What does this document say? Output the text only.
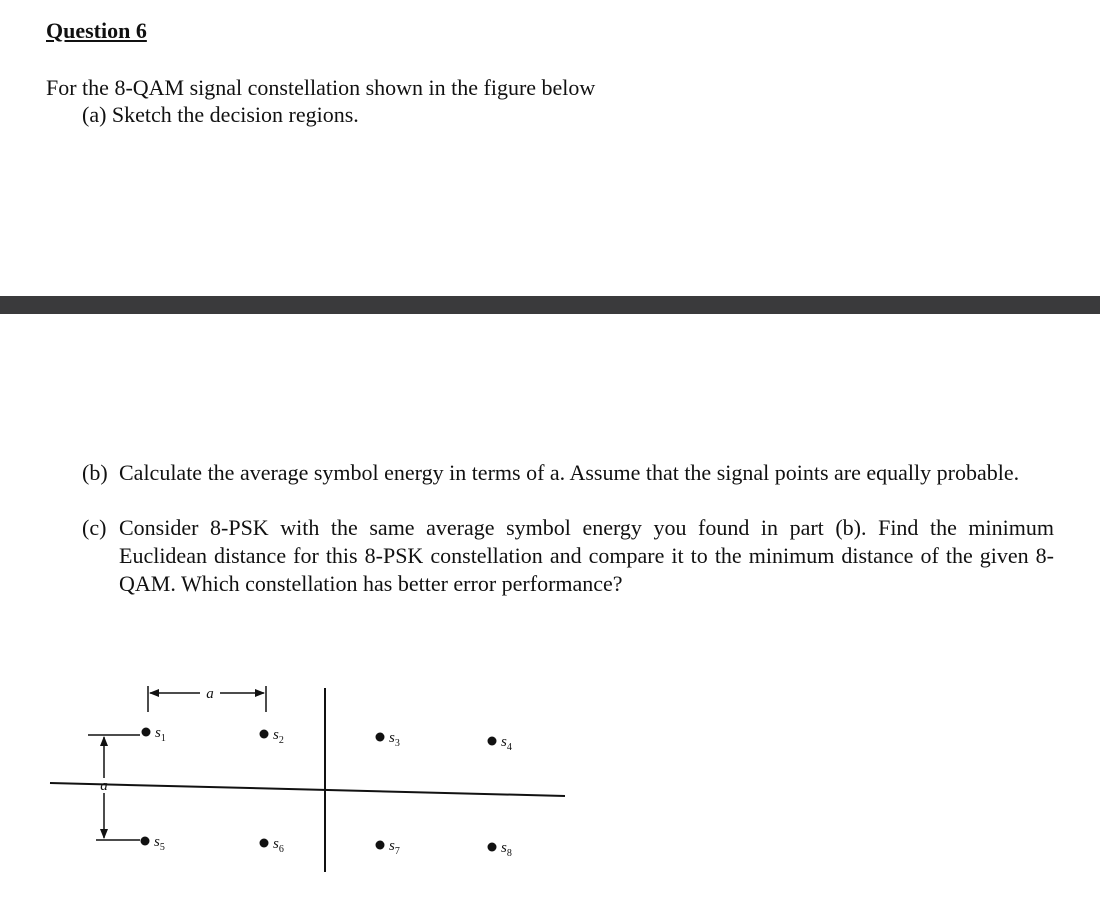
Question 6
For the 8-QAM signal constellation shown in the figure below
(a) Sketch the decision regions.
(b) Calculate the average symbol energy in terms of a. Assume that the signal points are equally probable.
(c) Consider 8-PSK with the same average symbol energy you found in part (b). Find the minimum Euclidean distance for this 8-PSK constellation and compare it to the minimum distance of the given 8-QAM. Which constellation has better error performance?
a
a
$s_1$	$s_2$	$s_3$	$s_4$
$s_5$	$s_6$	$s_7$	$s_8$
